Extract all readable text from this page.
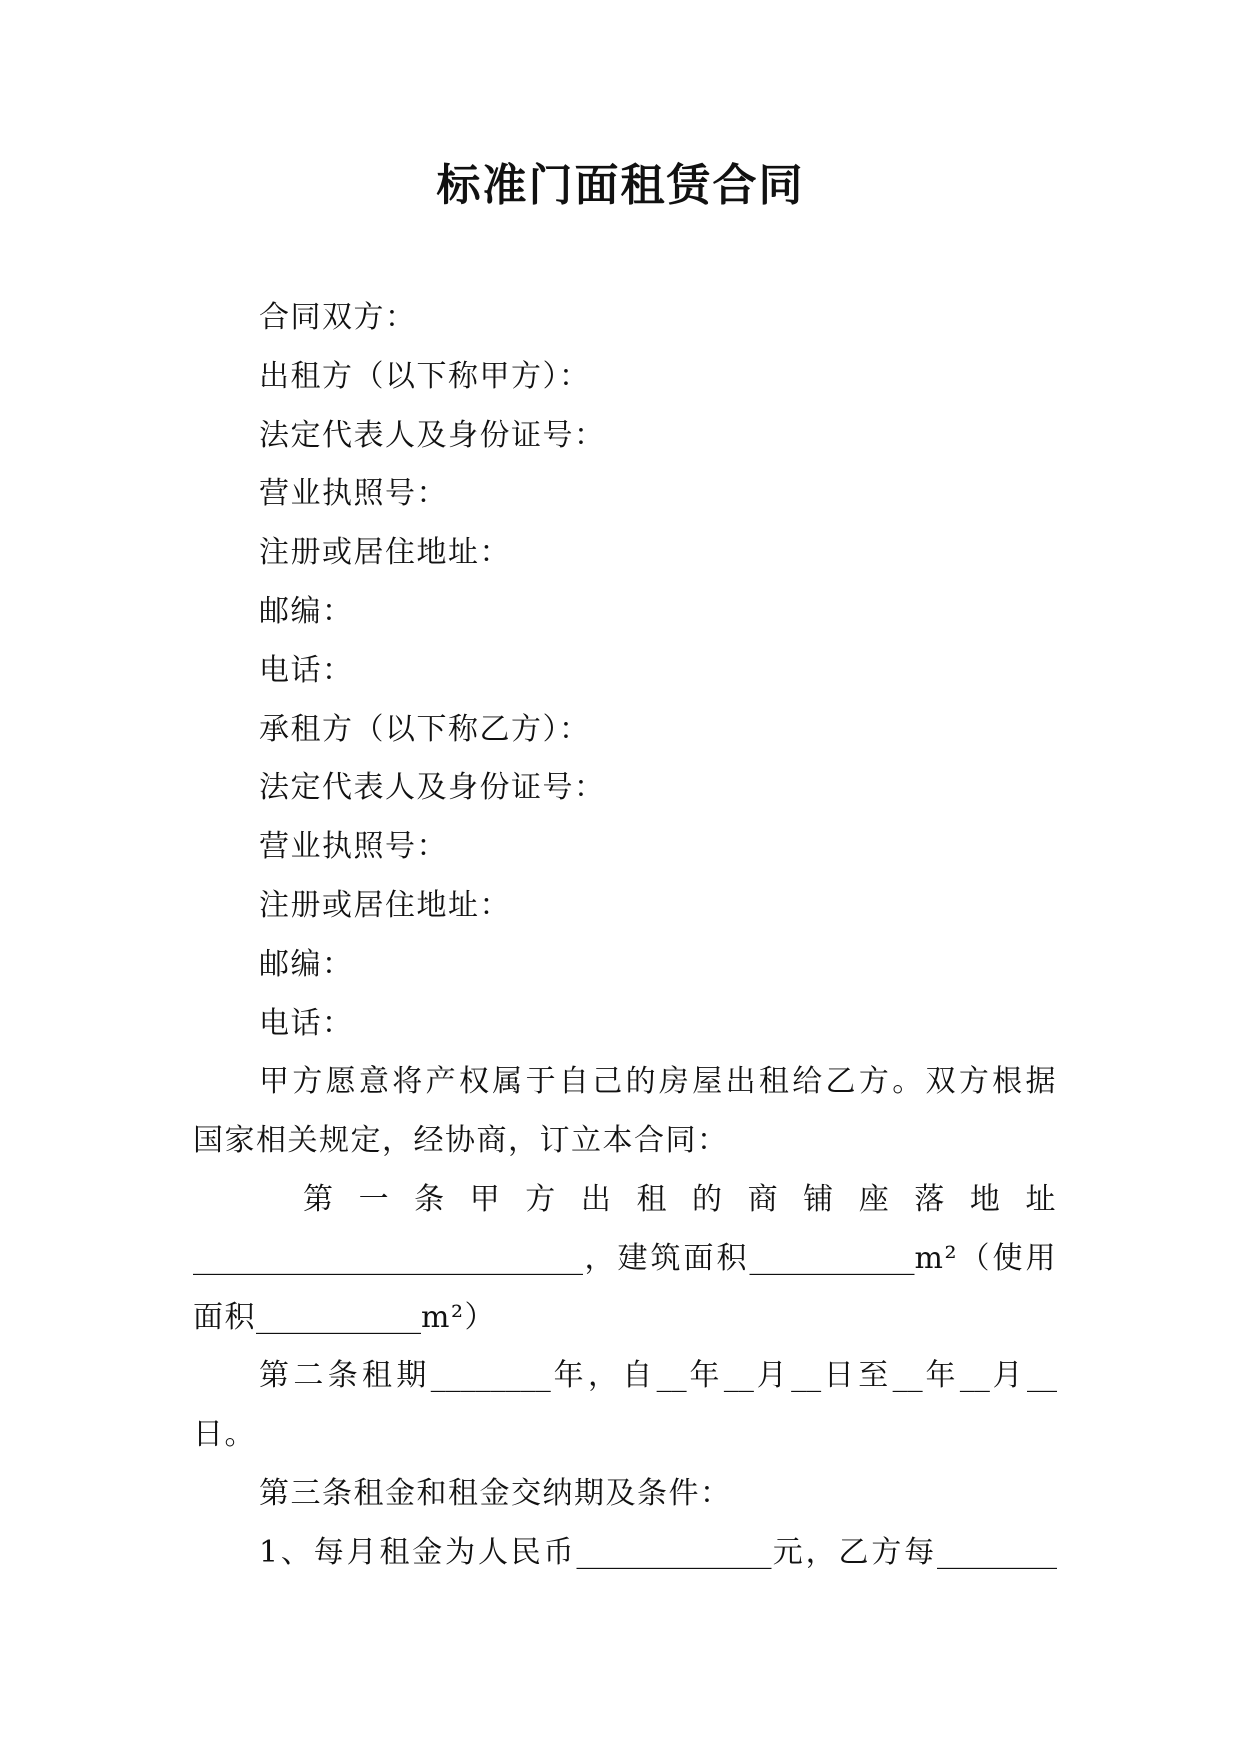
标准门面租赁合同
合同双方：
出租方（以下称甲方）：
法定代表人及身份证号：
营业执照号：
注册或居住地址：
邮编：
电话：
承租方（以下称乙方）：
法定代表人及身份证号：
营业执照号：
注册或居住地址：
邮编：
电话：
甲方愿意将产权属于自己的房屋出租给乙方。双方根据
国家相关规定，经协商，订立本合同：
第一条甲方出租的商铺座落地址
__________________________，建筑面积___________m²（使用
面积___________m²）
第二条租期________年，自__年__月__日至__年__月__
日。
第三条租金和租金交纳期及条件：
1、每月租金为人民币_____________元，乙方每________
